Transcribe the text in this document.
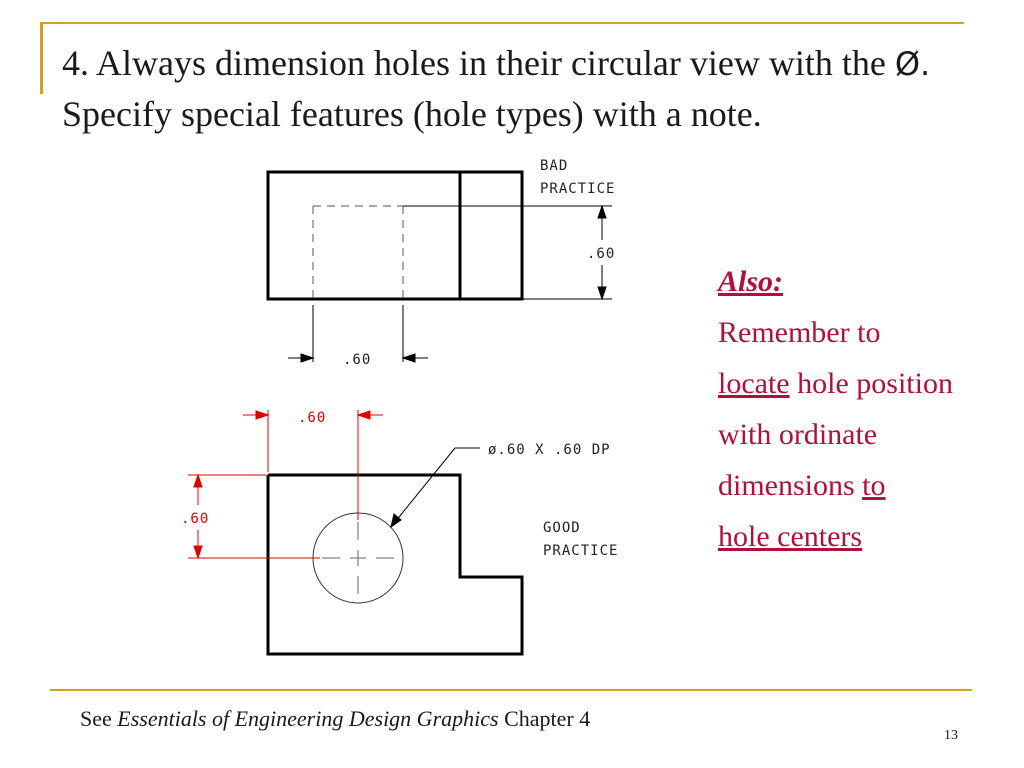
4. Always dimension holes in their circular view with the Ø. Specify special features (hole types) with a note.
.60
.60
BAD
PRACTICE
.60
.60
ø.60 X .60 DP
GOOD
PRACTICE
Also:
Remember to
locate hole position with ordinate dimensions to
hole centers
See Essentials of Engineering Design Graphics Chapter 4
13
